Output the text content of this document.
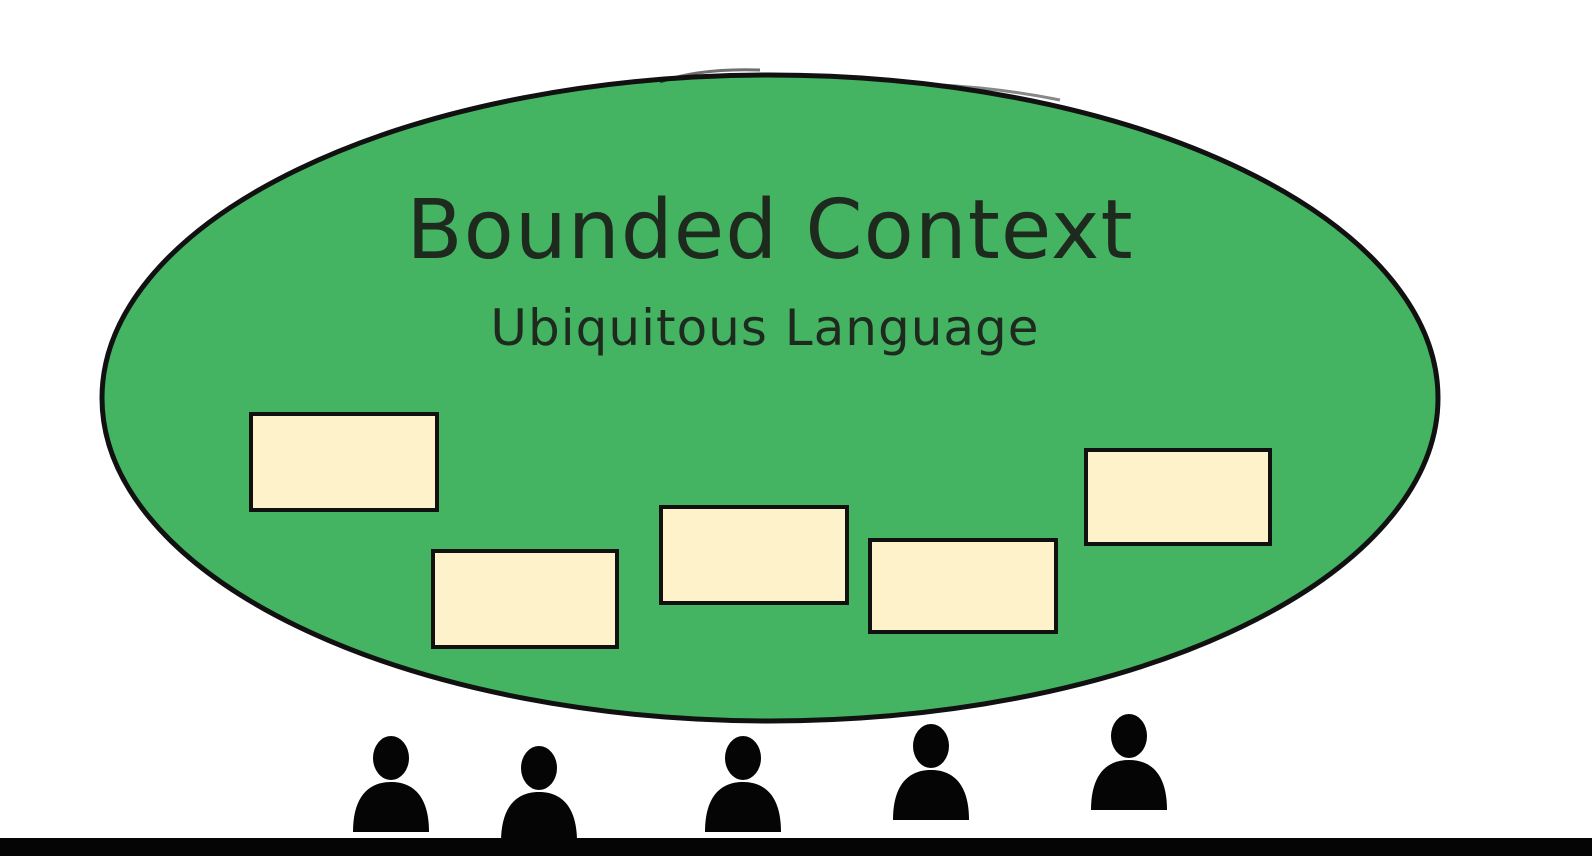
Bounded Context
Ubiquitous Language
